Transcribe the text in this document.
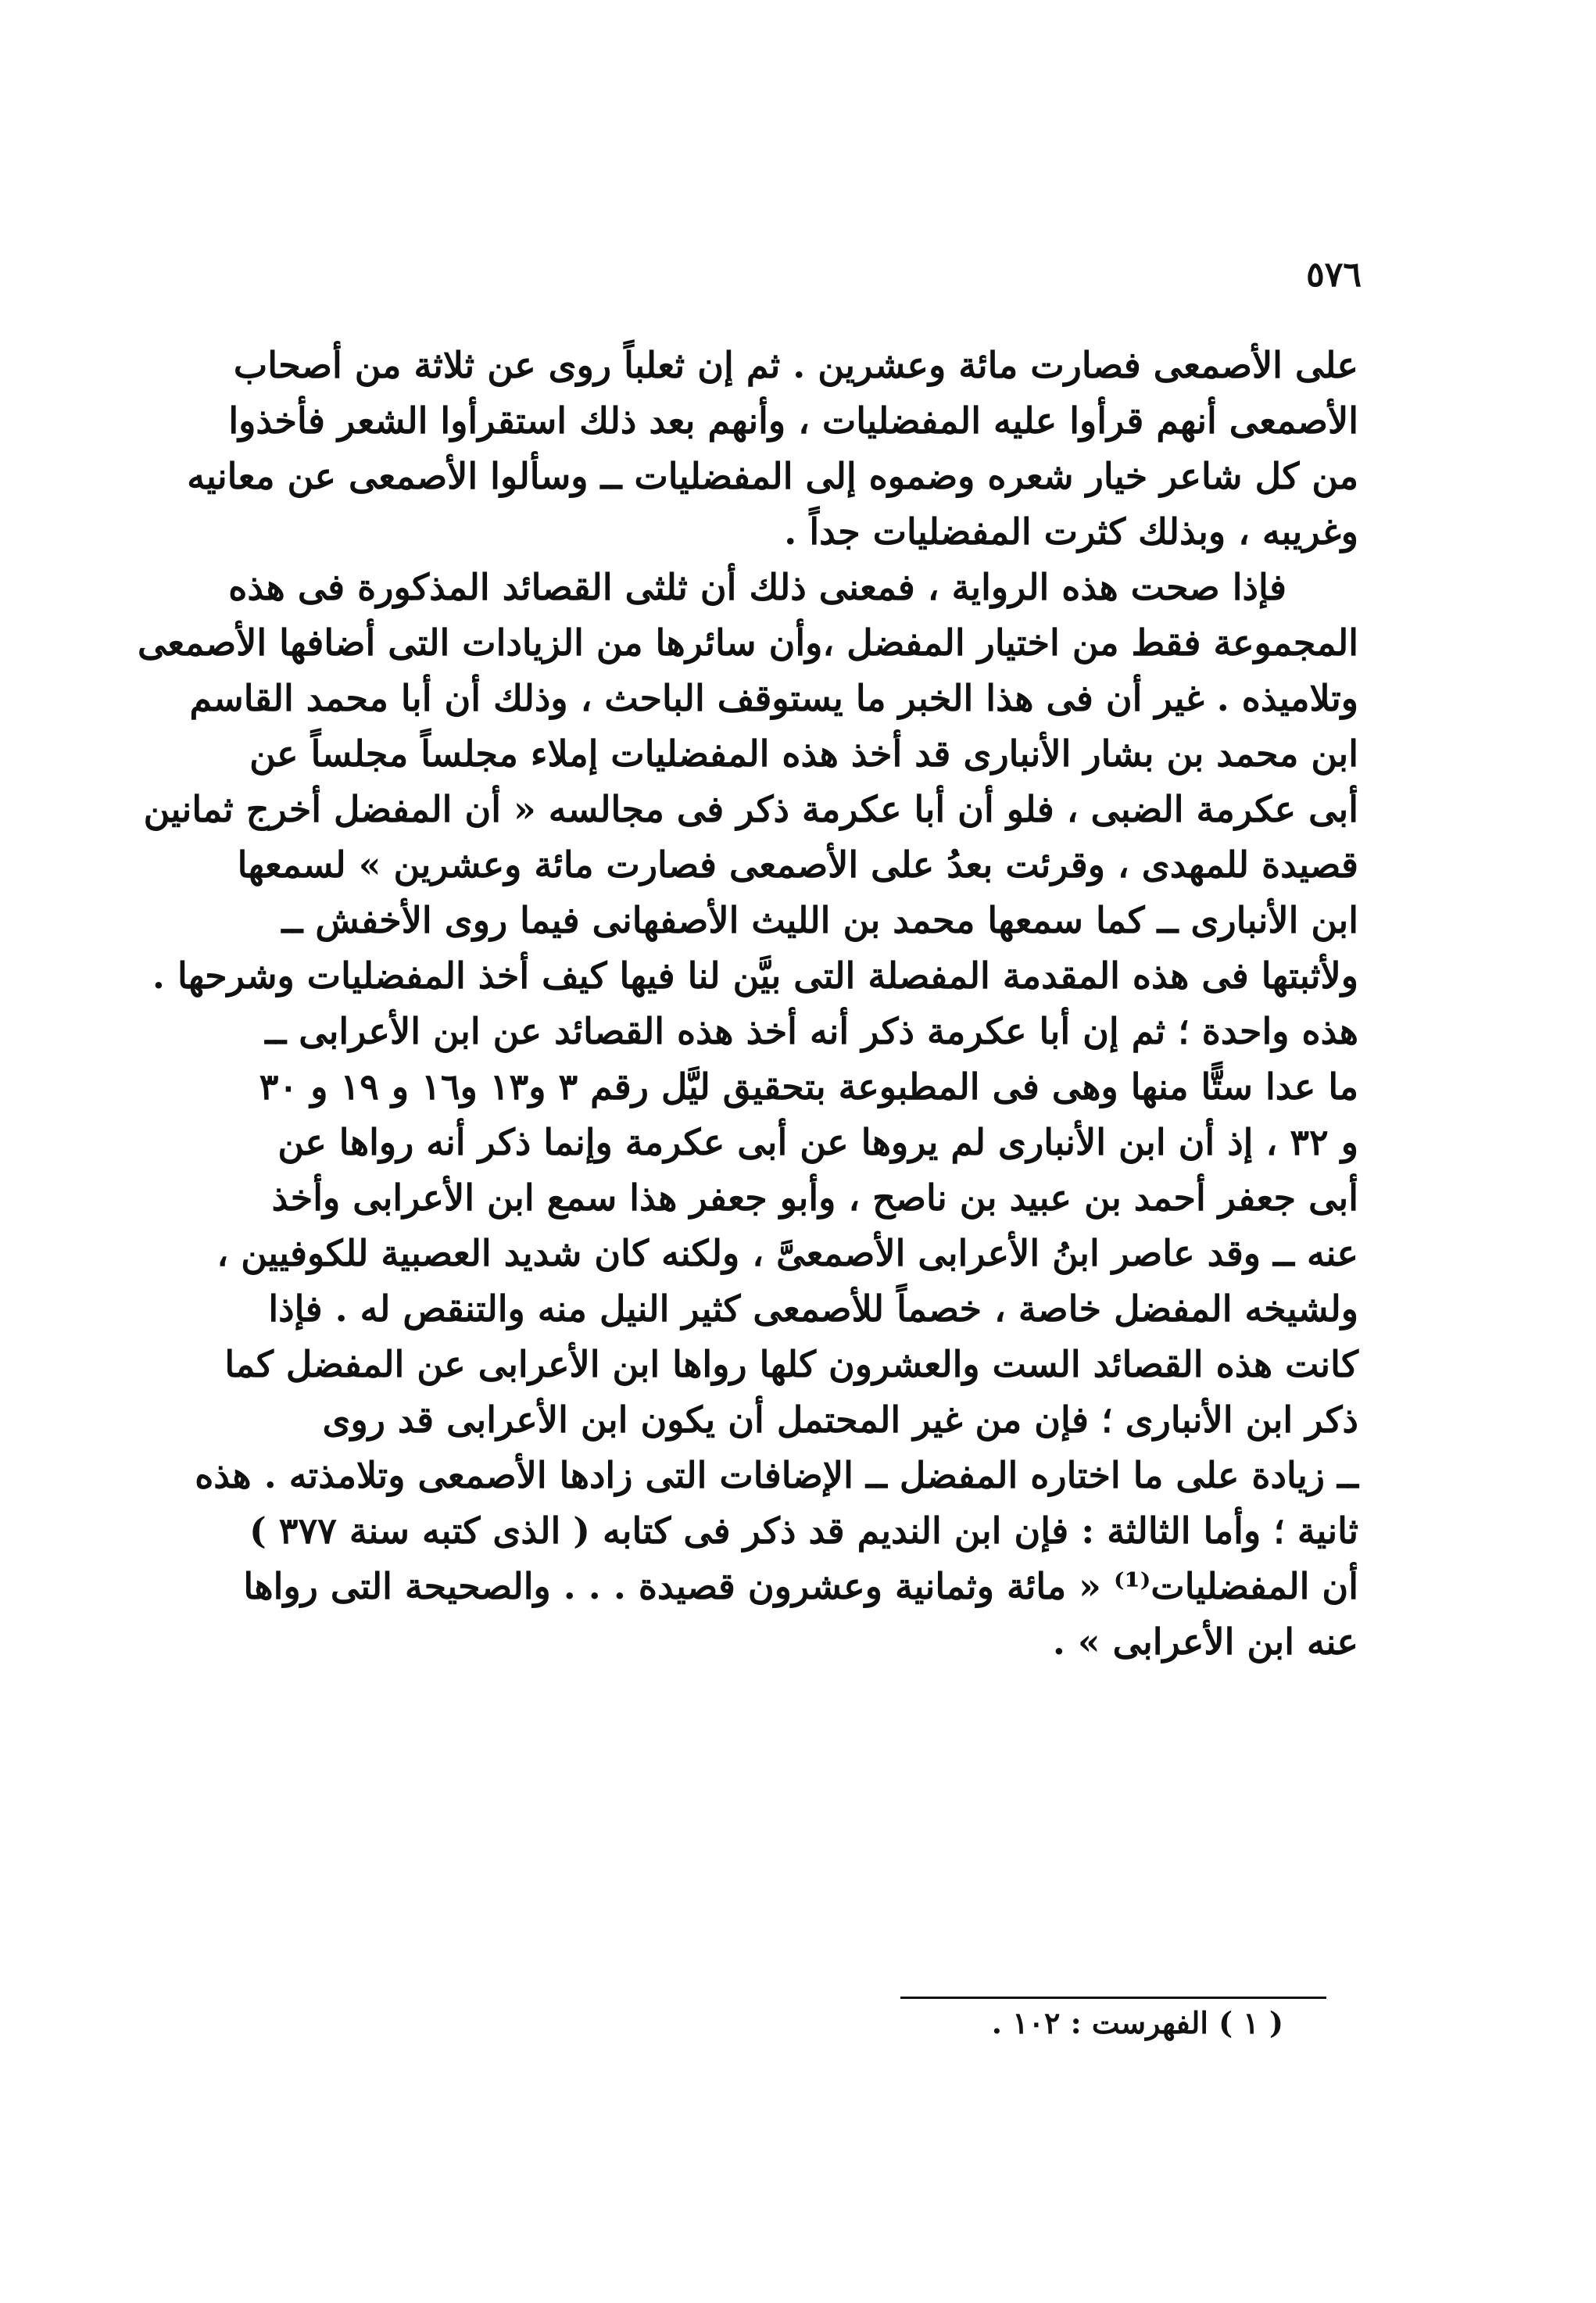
٥٧٦
على الأصمعى فصارت مائة وعشرين . ثم إن ثعلباً روى عن ثلاثة من أصحاب
الأصمعى أنهم قرأوا عليه المفضليات ، وأنهم بعد ذلك استقرأوا الشعر فأخذوا
من كل شاعر خيار شعره وضموه إلى المفضليات ــ وسألوا الأصمعى عن معانيه
وغريبه ، وبذلك كثرت المفضليات جداً .
فإذا صحت هذه الرواية ، فمعنى ذلك أن ثلثى القصائد المذكورة فى هذه
المجموعة فقط من اختيار المفضل ،وأن سائرها من الزيادات التى أضافها الأصمعى
وتلاميذه . غير أن فى هذا الخبر ما يستوقف الباحث ، وذلك أن أبا محمد القاسم
ابن محمد بن بشار الأنبارى قد أخذ هذه المفضليات إملاء مجلساً مجلساً عن
أبى عكرمة الضبى ، فلو أن أبا عكرمة ذكر فى مجالسه « أن المفضل أخرج ثمانين
قصيدة للمهدى ، وقرئت بعدُ على الأصمعى فصارت مائة وعشرين » لسمعها
ابن الأنبارى ــ كما سمعها محمد بن الليث الأصفهانى فيما روى الأخفش ــ
ولأثبتها فى هذه المقدمة المفصلة التى بيَّن لنا فيها كيف أخذ المفضليات وشرحها .
هذه واحدة ؛ ثم إن أبا عكرمة ذكر أنه أخذ هذه القصائد عن ابن الأعرابى ــ
ما عدا ستًّا منها وهى فى المطبوعة بتحقيق ليَّل رقم ٣ و١٣ و١٦ و ١٩ و ٣٠
و ٣٢ ، إذ أن ابن الأنبارى لم يروها عن أبى عكرمة وإنما ذكر أنه رواها عن
أبى جعفر أحمد بن عبيد بن ناصح ، وأبو جعفر هذا سمع ابن الأعرابى وأخذ
عنه ــ وقد عاصر ابنُ الأعرابى الأصمعىَّ ، ولكنه كان شديد العصبية للكوفيين ،
ولشيخه المفضل خاصة ، خصماً للأصمعى كثير النيل منه والتنقص له . فإذا
كانت هذه القصائد الست والعشرون كلها رواها ابن الأعرابى عن المفضل كما
ذكر ابن الأنبارى ؛ فإن من غير المحتمل أن يكون ابن الأعرابى قد روى
ــ زيادة على ما اختاره المفضل ــ الإضافات التى زادها الأصمعى وتلامذته . هذه
ثانية ؛ وأما الثالثة : فإن ابن النديم قد ذكر فى كتابه ( الذى كتبه سنة ٣٧٧ )
أن المفضليات⁽¹⁾ « مائة وثمانية وعشرون قصيدة . . . والصحيحة التى رواها
عنه ابن الأعرابى » .
( ١ ) الفهرست : ١٠٢ .
